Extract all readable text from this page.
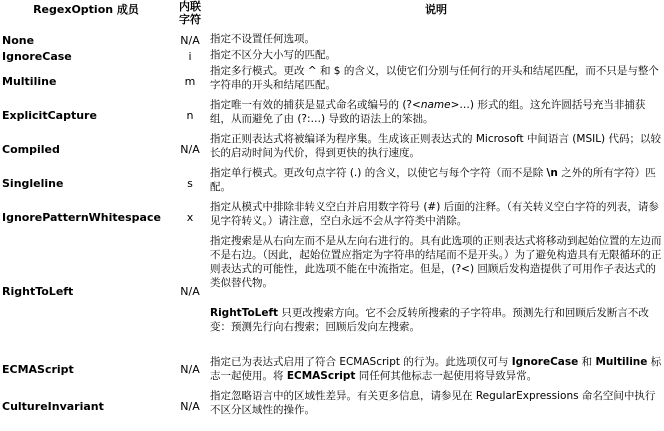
RegexOption 成员	内联字符	说明
None	N/A	指定不设置任何选项。
IgnoreCase	i	指定不区分大小写的匹配。
Multiline	m	指定多行模式。更改 ^ 和 $ 的含义，以使它们分别与任何行的开头和结尾匹配，而不只是与整个字符串的开头和结尾匹配。
ExplicitCapture	n	指定唯一有效的捕获是显式命名或编号的 (?<name>…) 形式的组。这允许圆括号充当非捕获组，从而避免了由 (?:…) 导致的语法上的笨拙。
Compiled	N/A	指定正则表达式将被编译为程序集。生成该正则表达式的 Microsoft 中间语言 (MSIL) 代码；以较长的启动时间为代价，得到更快的执行速度。
Singleline	s	指定单行模式。更改句点字符 (.) 的含义，以使它与每个字符（而不是除 \n 之外的所有字符）匹配。
IgnorePatternWhitespace	x	指定从模式中排除非转义空白并启用数字符号 (#) 后面的注释。（有关转义空白字符的列表，请参见字符转义。）请注意，空白永远不会从字符类中消除。
RightToLeft	N/A	指定搜索是从右向左而不是从左向右进行的。具有此选项的正则表达式将移动到起始位置的左边而不是右边。（因此，起始位置应指定为字符串的结尾而不是开头。）为了避免构造具有无限循环的正则表达式的可能性，此选项不能在中流指定。但是，(?<) 回顾后发构造提供了可用作子表达式的类似替代物。
RightToLeft 只更改搜索方向。它不会反转所搜索的子字符串。预测先行和回顾后发断言不改变：预测先行向右搜索；回顾后发向左搜索。

ECMAScript	N/A	指定已为表达式启用了符合 ECMAScript 的行为。此选项仅可与 IgnoreCase 和 Multiline 标志一起使用。将 ECMAScript 同任何其他标志一起使用将导致异常。
CultureInvariant	N/A	指定忽略语言中的区域性差异。有关更多信息，请参见在 RegularExpressions 命名空间中执行不区分区域性的操作。
